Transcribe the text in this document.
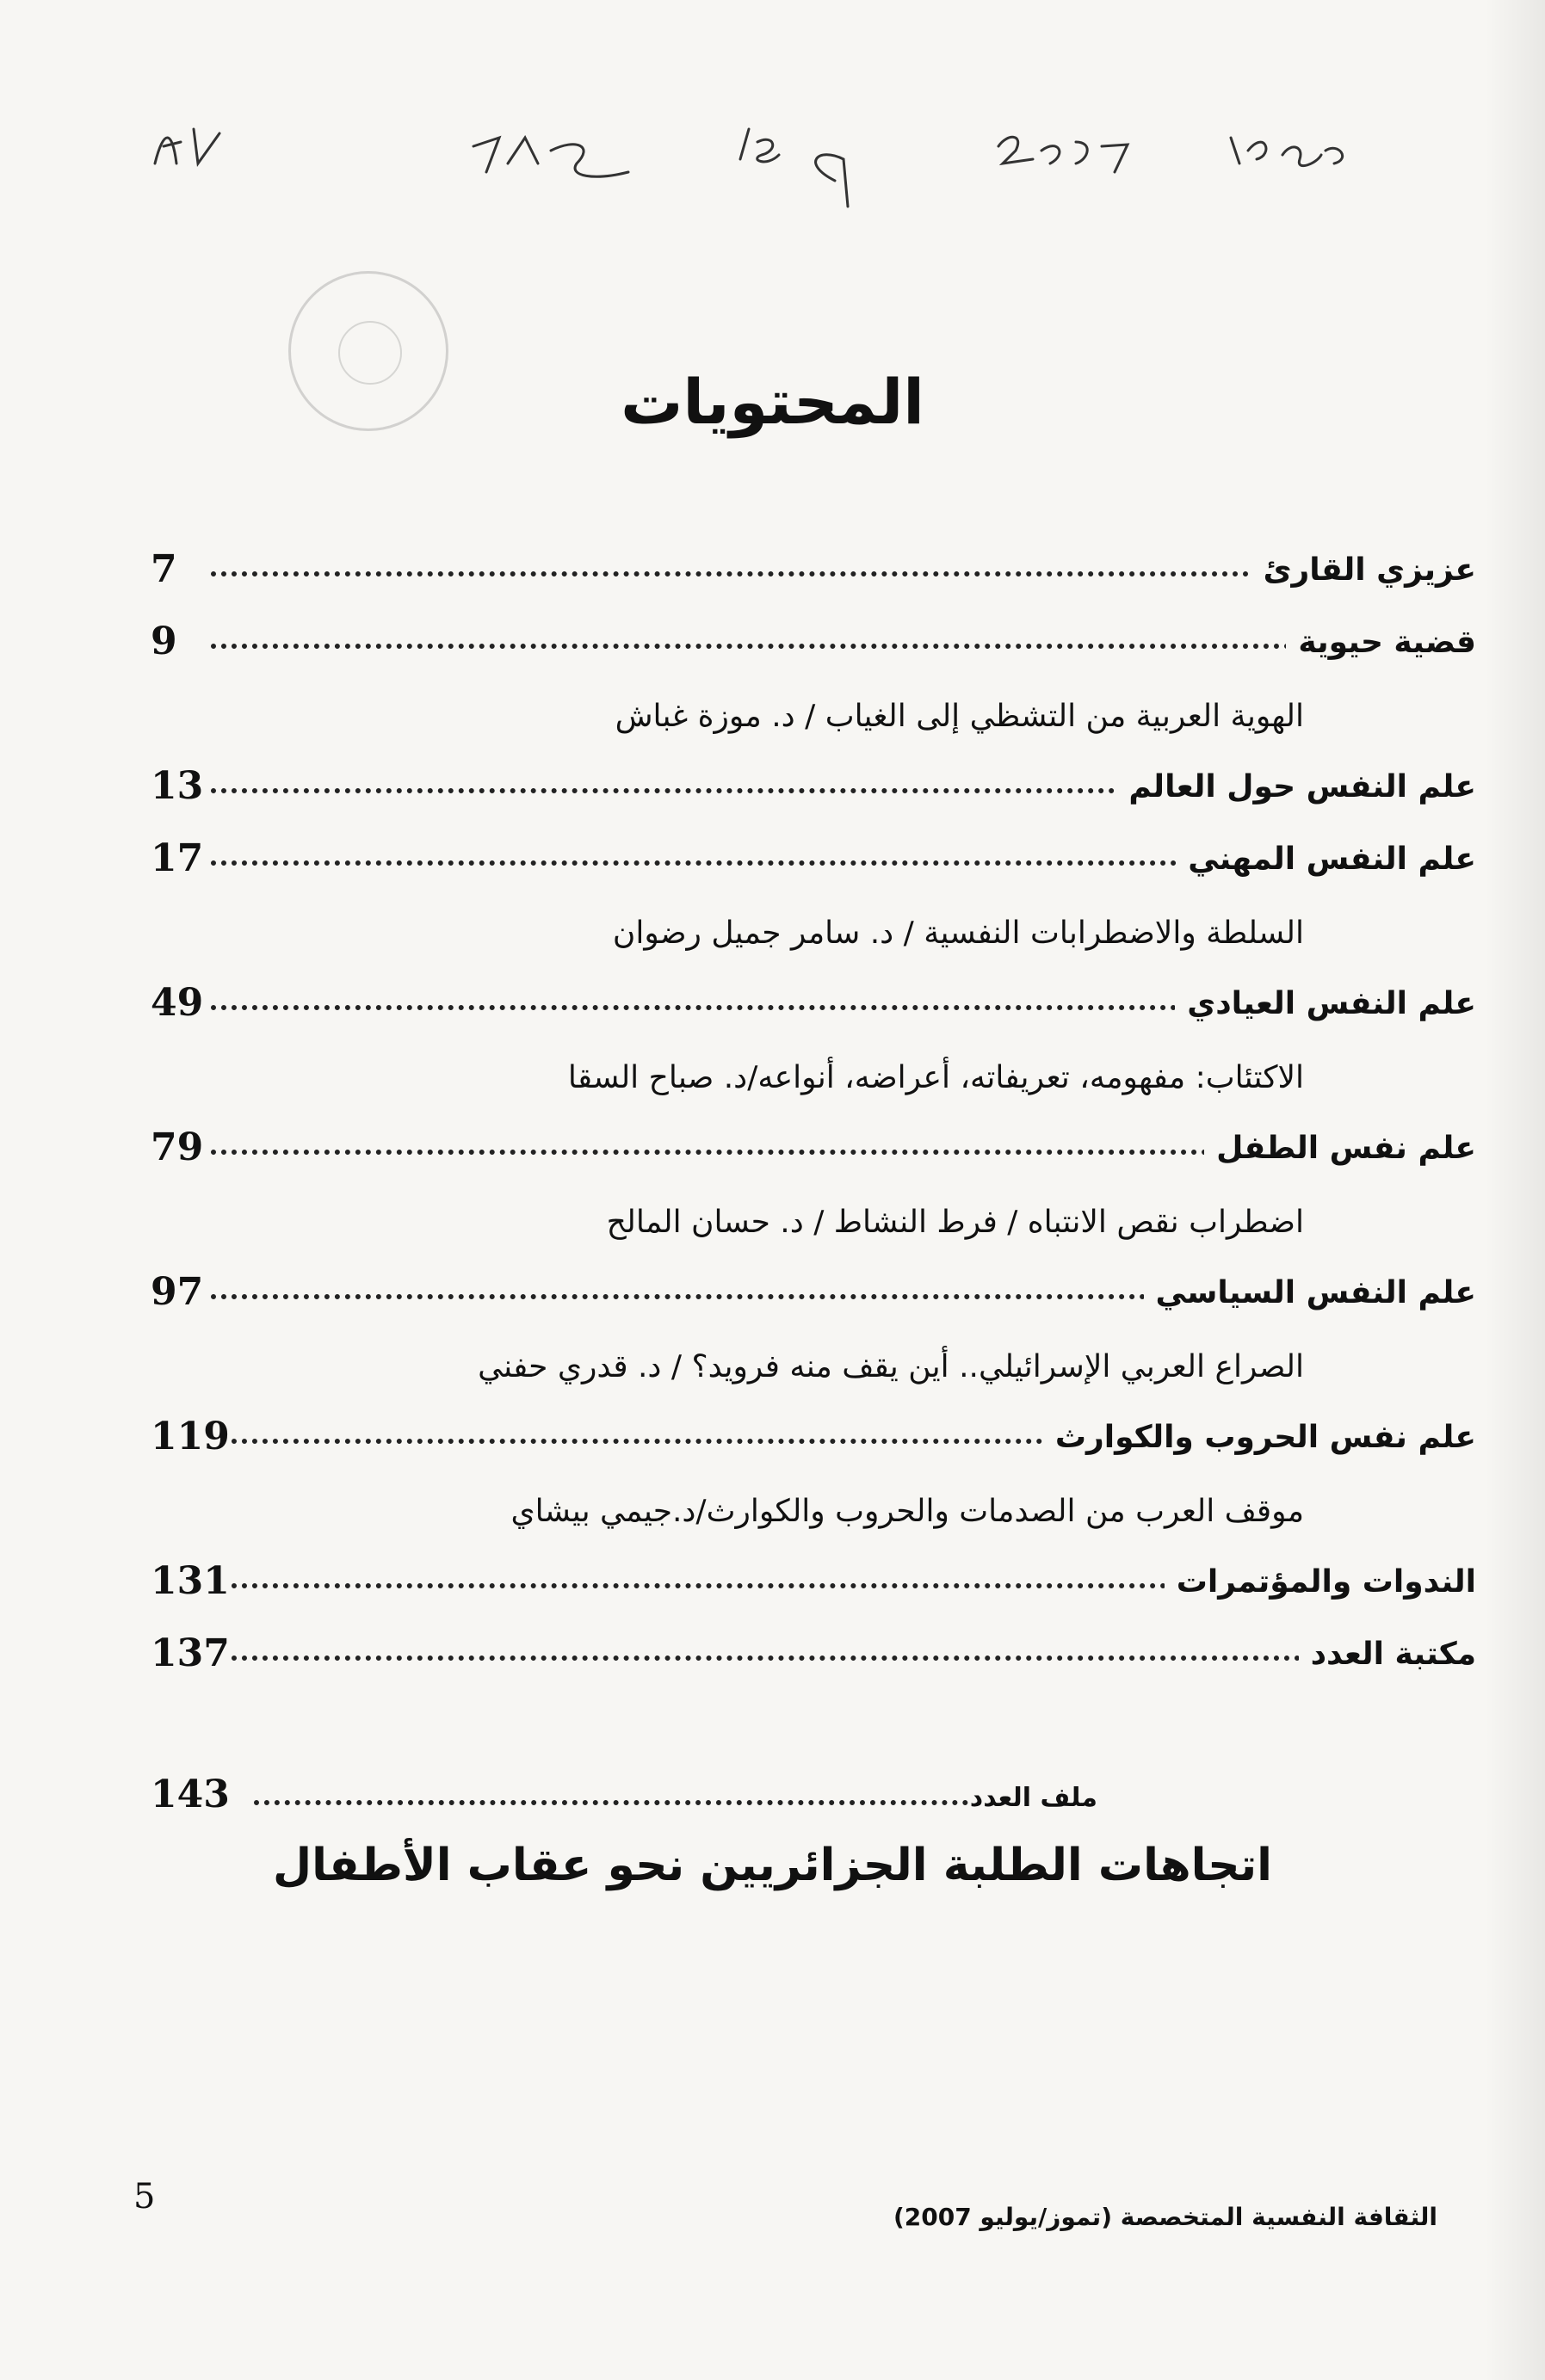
المحتويات
عزيزي القارئ
7
قضية حيوية
9
الهوية العربية من التشظي إلى الغياب / د. موزة غباش
علم النفس حول العالم
13
علم النفس المهني
17
السلطة والاضطرابات النفسية / د. سامر جميل رضوان
علم النفس العيادي
49
الاكتئاب: مفهومه، تعريفاته، أعراضه، أنواعه/د. صباح السقا
علم نفس الطفل
79
اضطراب نقص الانتباه / فرط النشاط / د. حسان المالح
علم النفس السياسي
97
الصراع العربي الإسرائيلي.. أين يقف منه فرويد؟ / د. قدري حفني
علم نفس الحروب والكوارث
119
موقف العرب من الصدمات والحروب والكوارث/د.جيمي بيشاي
الندوات والمؤتمرات
131
مكتبة العدد
137
143	ملف العدد
اتجاهات الطلبة الجزائريين نحو عقاب الأطفال
5
الثقافة النفسية المتخصصة (تموز/يوليو 2007)
